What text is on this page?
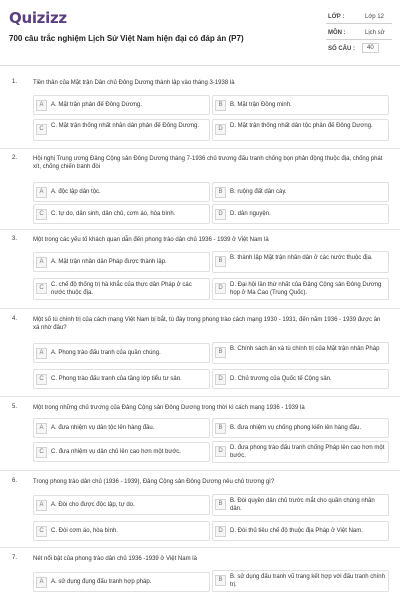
Quizizz
700 câu trắc nghiệm Lịch Sử Việt Nam hiện đại có đáp án (P7)
LỚP :	Lớp 12
MÔN :	Lịch sử
SỐ CÂU :	40
1.	Tiền thân của Mặt trận Dân chủ Đông Dương thành lập vào tháng 3-1938 là
A	A. Mặt trận phản đế Đông Dương.	B	B. Mặt trận Đồng minh.
C	C. Mặt trận thống nhất nhân dân phản đế Đông Dương.	D	D. Mặt trận thống nhất dân tộc phản đế Đông Dương.
2.	Hội nghị Trung ương Đảng Cộng sản Đông Dương tháng 7-1936 chủ trương đấu tranh chống bọn phản động thuộc địa, chống phát xít, chống chiến tranh đòi
A	A. độc lập dân tộc.	B	B. ruộng đất dân cày.
C	C. tự do, dân sinh, dân chủ, cơm áo, hòa bình.	D	D. dân nguyện.
3.	Một trong các yếu tố khách quan dẫn đến phong trào dân chủ 1936 - 1939 ở Việt Nam là
A	A. Mặt trận nhân dân Pháp được thành lập.	B	B. thành lập Mặt trận nhân dân ở các nước thuộc địa.
C	C. chế độ thống trị hà khắc của thực dân Pháp ở các nước thuộc địa.
D	D. Đại hội lần thứ nhất của Đảng Cộng sản Đông Dương họp ở Ma Cao (Trung Quốc).
4.	Một số tù chính trị của cách mạng Việt Nam bị bắt, tù đày trong phong trào cách mạng 1930 - 1931, đến năm 1936 - 1939 được ân xá nhờ đâu?
A	A. Phong trào đấu tranh của quần chúng.	B	B. Chính sách ân xá tù chính trị của Mặt trận nhân Pháp
C	C. Phong trào đấu tranh của tầng lớp tiểu tư sản.	D	D. Chủ trương của Quốc tế Cộng sản.
5.	Một trong những chủ trương của Đảng Cộng sản Đông Dương trong thời kì cách mạng 1936 - 1939 là
A	A. đưa nhiệm vụ dân tộc lên hàng đầu.	B	B. đưa nhiệm vụ chống phong kiến lên hàng đầu.
C	C. đưa nhiệm vụ dân chủ lên cao hơn một bước.	D	D. đưa phong trào đấu tranh chống Pháp lên cao hơn một bước.
6.	Trong phong trào dân chủ (1936 - 1939), Đảng Cộng sản Đông Dương nêu chủ trương gì?
A	A. Đòi cho được độc lập, tự do.	B	B. Đòi quyền dân chủ trước mắt cho quần chúng nhân dân.
C	C. Đòi cơm áo, hòa bình.	D	D. Đòi thủ tiêu chế độ thuộc địa Pháp ở Việt Nam.
7.	Nét nổi bật của phong trào dân chủ 1936 -1939 ở Việt Nam là
A	A. sử dụng đụng đấu tranh hợp pháp.	B	B. sử dụng đấu tranh vũ trang kết hợp với đấu tranh chính trị.
